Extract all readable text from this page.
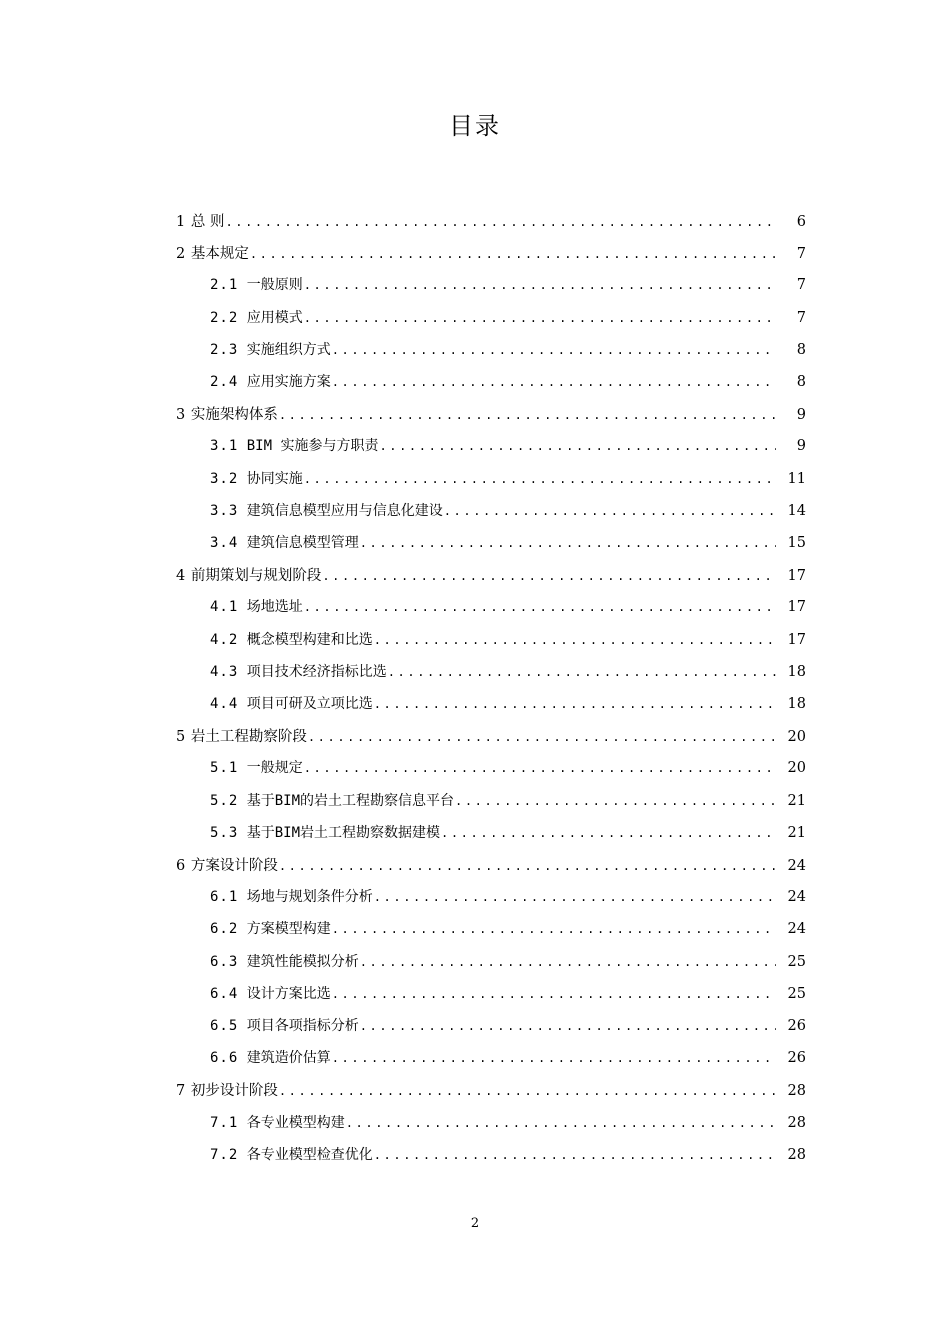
目录
1 总 则 .....	6
2 基本规定 .....	7
2.1 一般原则 .....	7
2.2 应用模式 .....	7
2.3 实施组织方式 .....	8
2.4 应用实施方案 .....	8
3 实施架构体系 .....	9
3.1 BIM 实施参与方职责 .....	9
3.2 协同实施 .....	11
3.3 建筑信息模型应用与信息化建设 .....	14
3.4 建筑信息模型管理 .....	15
4 前期策划与规划阶段 .....	17
4.1 场地选址 .....	17
4.2 概念模型构建和比选 .....	17
4.3 项目技术经济指标比选 .....	18
4.4 项目可研及立项比选 .....	18
5 岩土工程勘察阶段 .....	20
5.1 一般规定 .....	20
5.2 基于BIM的岩土工程勘察信息平台 .....	21
5.3 基于BIM岩土工程勘察数据建模 .....	21
6 方案设计阶段 .....	24
6.1 场地与规划条件分析 .....	24
6.2 方案模型构建 .....	24
6.3 建筑性能模拟分析 .....	25
6.4 设计方案比选 .....	25
6.5 项目各项指标分析 .....	26
6.6 建筑造价估算 .....	26
7 初步设计阶段 .....	28
7.1 各专业模型构建 .....	28
7.2 各专业模型检查优化 .....	28
2
